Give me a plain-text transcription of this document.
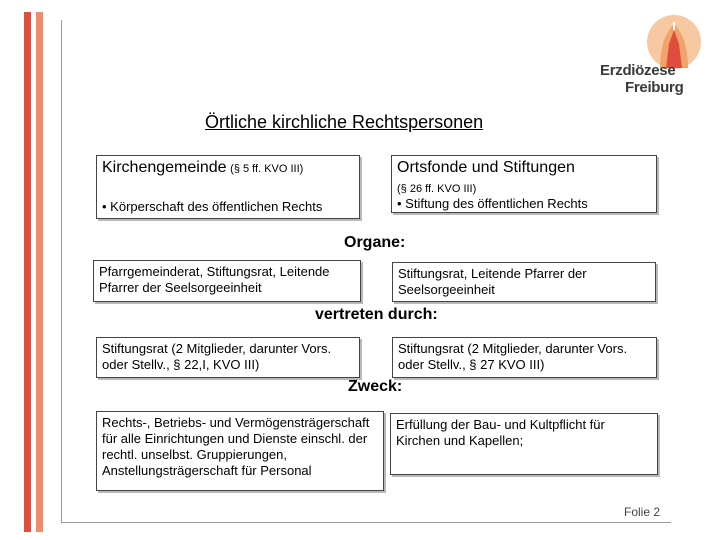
Erzdiözese
Freiburg
Örtliche kirchliche Rechtspersonen
Kirchengemeinde (§ 5 ff. KVO III)
• Körperschaft des öffentlichen Rechts
Ortsfonde und Stiftungen
(§ 26 ff. KVO III)
• Stiftung des öffentlichen Rechts
Organe:
Pfarrgemeinderat, Stiftungsrat, Leitende Pfarrer der Seelsorgeeinheit
Stiftungsrat, Leitende Pfarrer der Seelsorgeeinheit
vertreten durch:
Stiftungsrat (2 Mitglieder, darunter Vors. oder Stellv., § 22,I, KVO III)
Stiftungsrat (2 Mitglieder, darunter Vors. oder Stellv., § 27 KVO III)
Zweck:
Rechts-, Betriebs- und Vermögensträgerschaft für alle Einrichtungen und Dienste einschl. der rechtl. unselbst. Gruppierungen, Anstellungsträgerschaft für Personal
Erfüllung der Bau- und Kultpflicht für Kirchen und Kapellen;
Folie 2
